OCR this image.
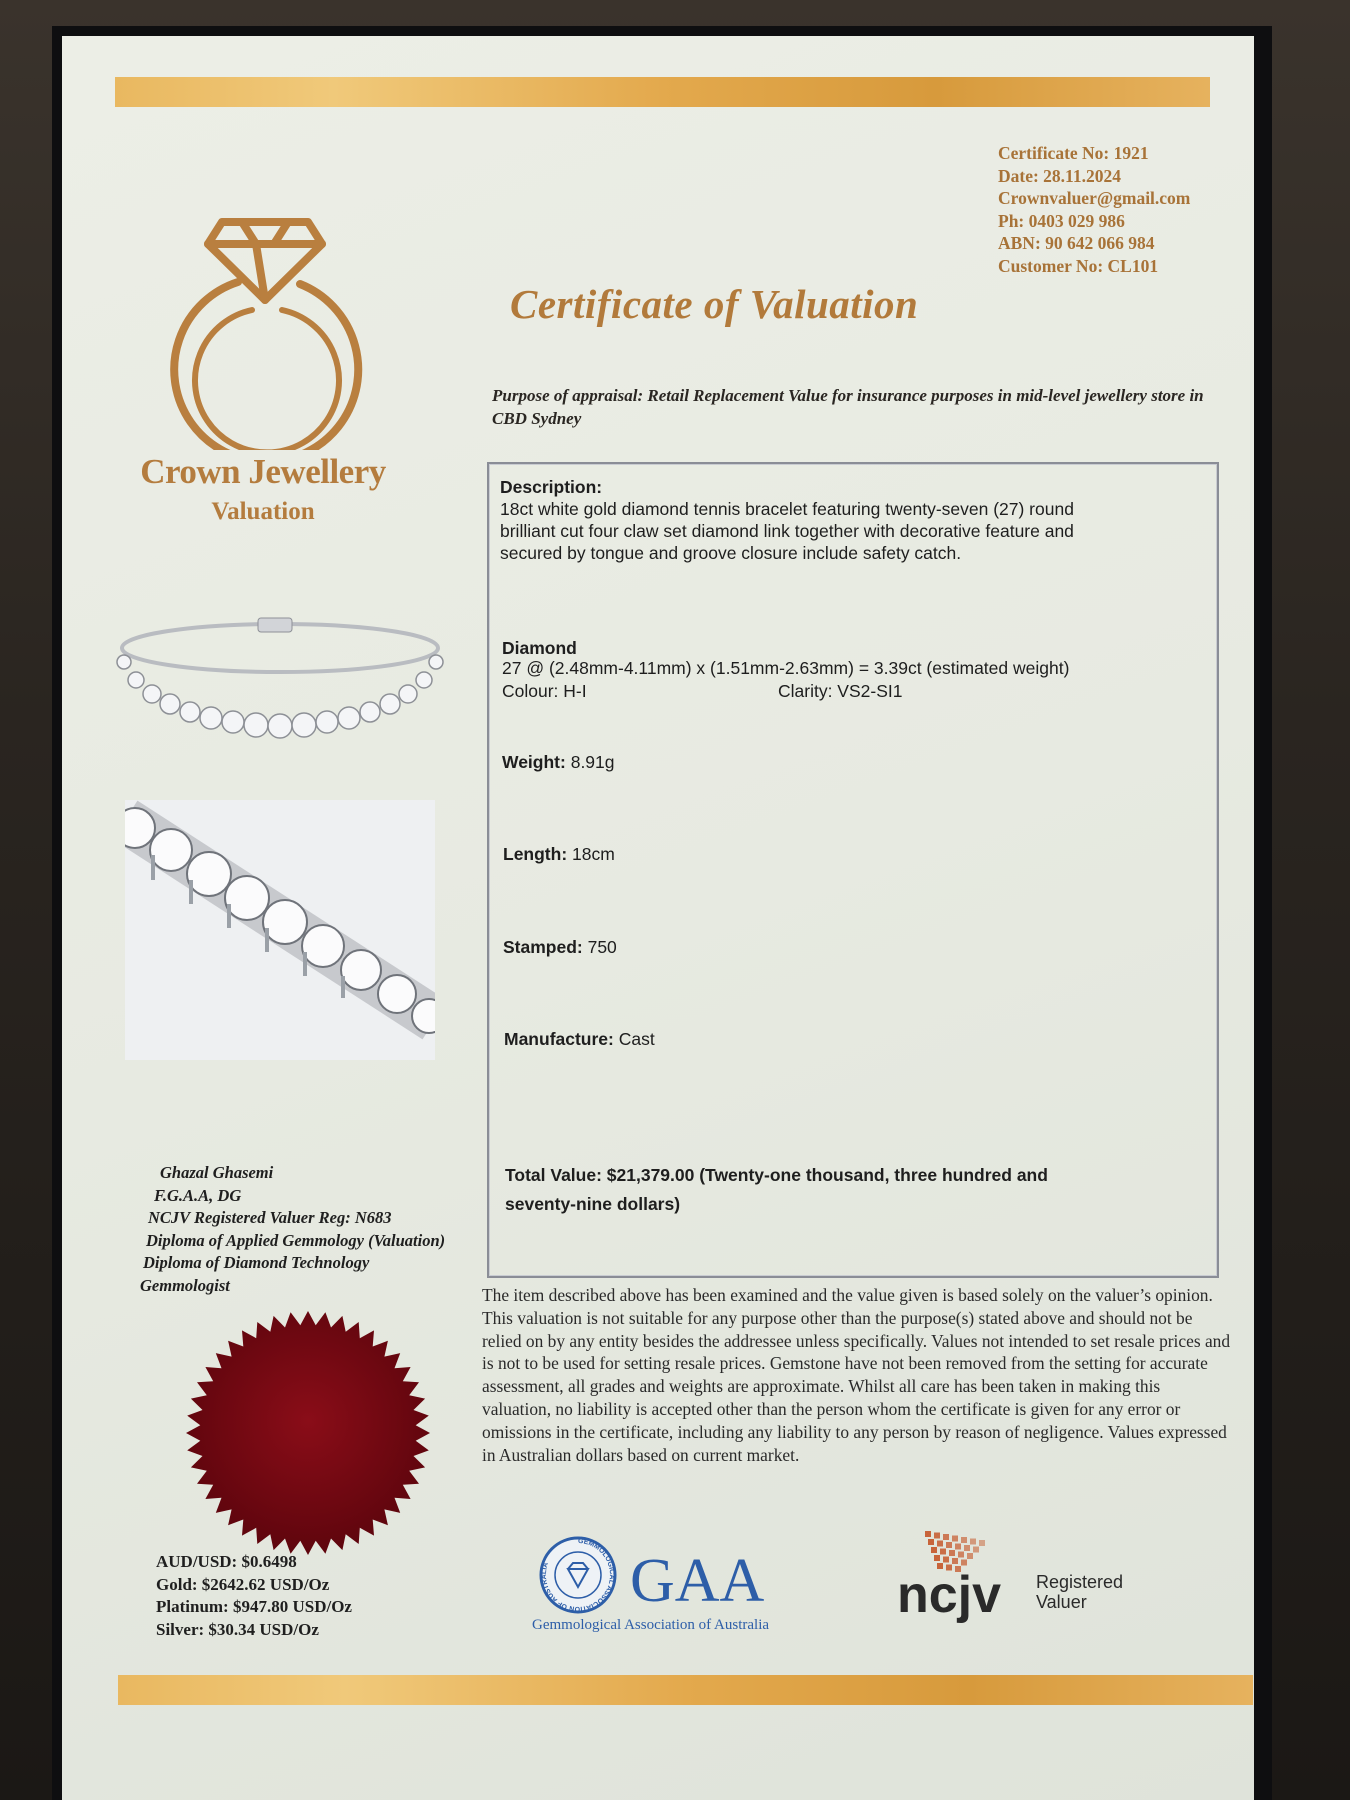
Certificate No: 1921
Date: 28.11.2024
Crownvaluer@gmail.com
Ph: 0403 029 986
ABN: 90 642 066 984
Customer No: CL101
Certificate of Valuation
Purpose of appraisal: Retail Replacement Value for insurance purposes in mid-level jewellery store in CBD Sydney
Crown Jewellery
Valuation
Description:
18ct white gold diamond tennis bracelet featuring twenty-seven (27) round
brilliant cut four claw set diamond link together with decorative feature and
secured by tongue and groove closure include safety catch.
Diamond
27 @ (2.48mm-4.11mm) x (1.51mm-2.63mm) = 3.39ct (estimated weight)
Colour: H-I	Clarity: VS2-SI1
Weight: 8.91g
Length: 18cm
Stamped: 750
Manufacture: Cast
Total Value: $21,379.00 (Twenty-one thousand, three hundred and
seventy-nine dollars)
Ghazal Ghasemi
F.G.A.A, DG
NCJV Registered Valuer Reg: N683
Diploma of Applied Gemmology (Valuation)
Diploma of Diamond Technology
Gemmologist
AUD/USD: $0.6498
Gold: $2642.62 USD/Oz
Platinum: $947.80 USD/Oz
Silver: $30.34 USD/Oz
The item described above has been examined and the value given is based solely on the valuer’s opinion. This valuation is not suitable for any purpose other than the purpose(s) stated above and should not be relied on by any entity besides the addressee unless specifically. Values not intended to set resale prices and is not to be used for setting resale prices. Gemstone have not been removed from the setting for accurate assessment, all grades and weights are approximate. Whilst all care has been taken in making this valuation, no liability is accepted other than the person whom the certificate is given for any error or omissions in the certificate, including any liability to any person by reason of negligence. Values expressed in Australian dollars based on current market.
GEMMOLOGICAL ASSOCIATION OF AUSTRALIA	GAA
Gemmological Association of Australia
ncjv Registered
Valuer
